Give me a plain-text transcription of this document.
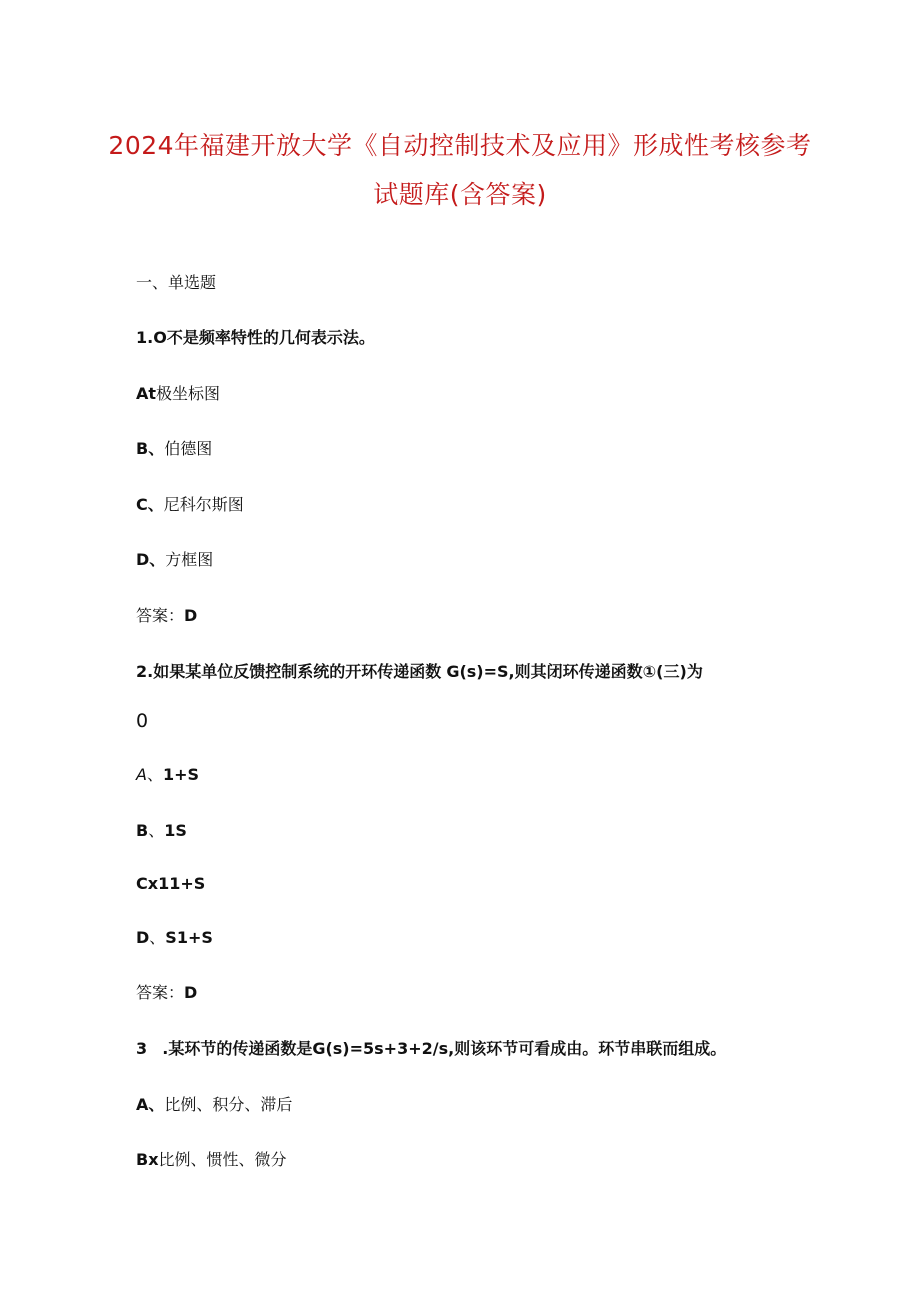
2024年福建开放大学《自动控制技术及应用》形成性考核参考
试题库(含答案)
一、单选题
1.O不是频率特性的几何表示法。
At极坐标图
B、伯德图
C、尼科尔斯图
D、方框图
答案：D
2.如果某单位反馈控制系统的开环传递函数 G(s)=S,则其闭环传递函数①(三)为
0
A、1+S
B、1S
Cx11+S
D、S1+S
答案：D
3 .某环节的传递函数是G(s)=5s+3+2/s,则该环节可看成由。环节串联而组成。
A、比例、积分、滞后
Bx比例、惯性、微分
